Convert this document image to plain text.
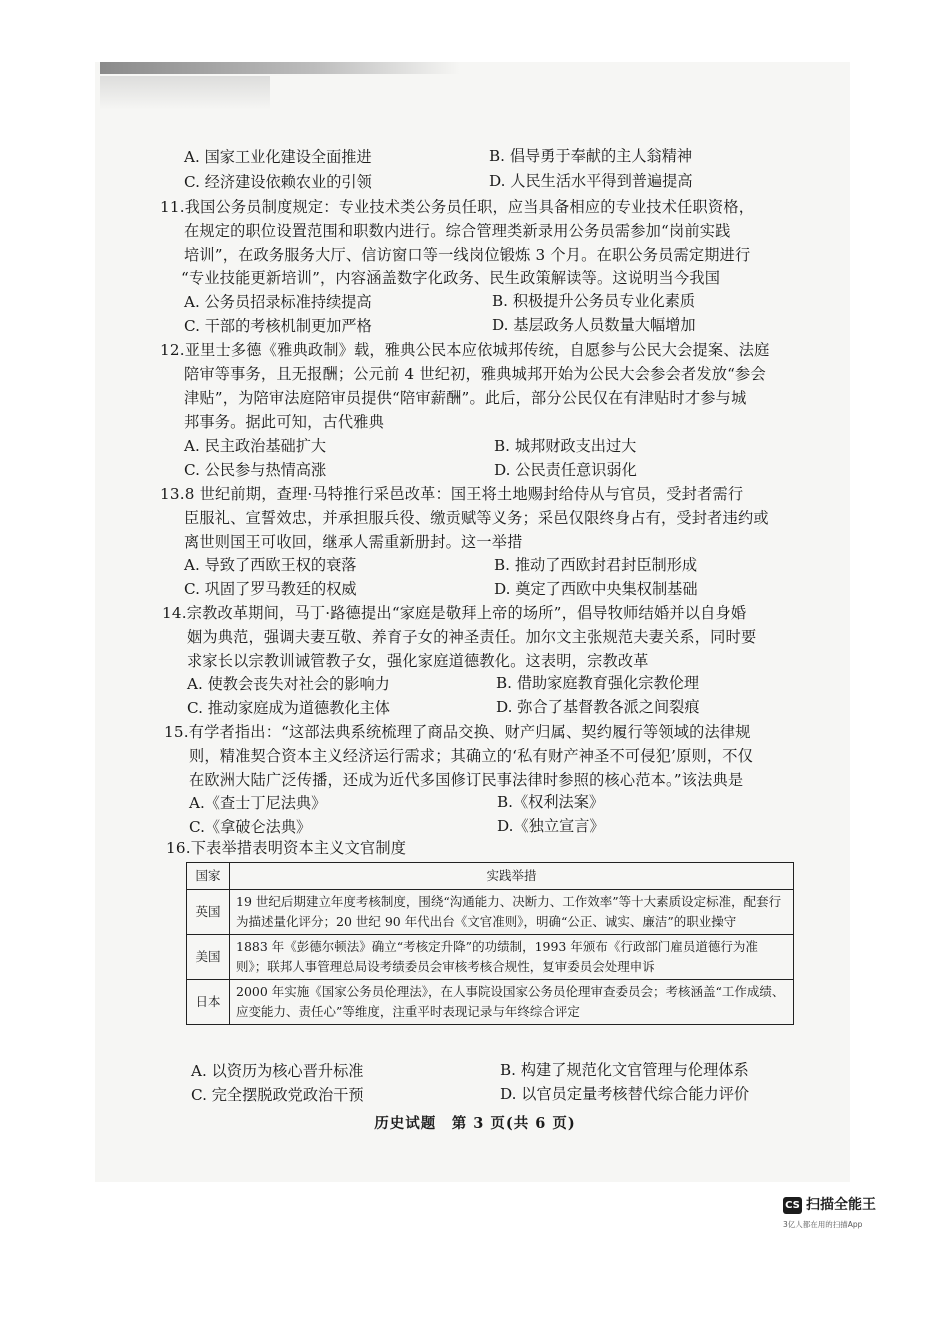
A. 国家工业化建设全面推进	B. 倡导勇于奉献的主人翁精神
C. 经济建设依赖农业的引领	D. 人民生活水平得到普遍提高
11.我国公务员制度规定：专业技术类公务员任职，应当具备相应的专业技术任职资格，
在规定的职位设置范围和职数内进行。综合管理类新录用公务员需参加“岗前实践
培训”，在政务服务大厅、信访窗口等一线岗位锻炼 3 个月。在职公务员需定期进行
“专业技能更新培训”，内容涵盖数字化政务、民生政策解读等。这说明当今我国
A. 公务员招录标准持续提高	B. 积极提升公务员专业化素质
C. 干部的考核机制更加严格	D. 基层政务人员数量大幅增加
12.亚里士多德《雅典政制》载，雅典公民本应依城邦传统，自愿参与公民大会提案、法庭
陪审等事务，且无报酬；公元前 4 世纪初，雅典城邦开始为公民大会参会者发放“参会
津贴”，为陪审法庭陪审员提供“陪审薪酬”。此后，部分公民仅在有津贴时才参与城
邦事务。据此可知，古代雅典
A. 民主政治基础扩大	B. 城邦财政支出过大
C. 公民参与热情高涨	D. 公民责任意识弱化
13.8 世纪前期，查理·马特推行采邑改革：国王将土地赐封给侍从与官员，受封者需行
臣服礼、宣誓效忠，并承担服兵役、缴贡赋等义务；采邑仅限终身占有，受封者违约或
离世则国王可收回，继承人需重新册封。这一举措
A. 导致了西欧王权的衰落	B. 推动了西欧封君封臣制形成
C. 巩固了罗马教廷的权威	D. 奠定了西欧中央集权制基础
14.宗教改革期间，马丁·路德提出“家庭是敬拜上帝的场所”，倡导牧师结婚并以自身婚
姻为典范，强调夫妻互敬、养育子女的神圣责任。加尔文主张规范夫妻关系，同时要
求家长以宗教训诫管教子女，强化家庭道德教化。这表明，宗教改革
A. 使教会丧失对社会的影响力	B. 借助家庭教育强化宗教伦理
C. 推动家庭成为道德教化主体	D. 弥合了基督教各派之间裂痕
15.有学者指出：“这部法典系统梳理了商品交换、财产归属、契约履行等领域的法律规
则，精准契合资本主义经济运行需求；其确立的‘私有财产神圣不可侵犯’原则，不仅
在欧洲大陆广泛传播，还成为近代多国修订民事法律时参照的核心范本。”该法典是
A.《查士丁尼法典》	B.《权利法案》
C.《拿破仑法典》	D.《独立宣言》
16.下表举措表明资本主义文官制度
国家	实践举措
英国	19 世纪后期建立年度考核制度，围绕“沟通能力、决断力、工作效率”等十大素质设定标准，配套行为描述量化评分；20 世纪 90 年代出台《文官准则》，明确“公正、诚实、廉洁”的职业操守
美国	1883 年《彭德尔顿法》确立“考核定升降”的功绩制，1993 年颁布《行政部门雇员道德行为准则》；联邦人事管理总局设考绩委员会审核考核合规性，复审委员会处理申诉
日本	2000 年实施《国家公务员伦理法》，在人事院设国家公务员伦理审查委员会；考核涵盖“工作成绩、应变能力、责任心”等维度，注重平时表现记录与年终综合评定
A. 以资历为核心晋升标准	B. 构建了规范化文官管理与伦理体系
C. 完全摆脱政党政治干预	D. 以官员定量考核替代综合能力评价
历史试题　第 3 页(共 6 页)
CS 扫描全能王
3亿人都在用的扫描App
